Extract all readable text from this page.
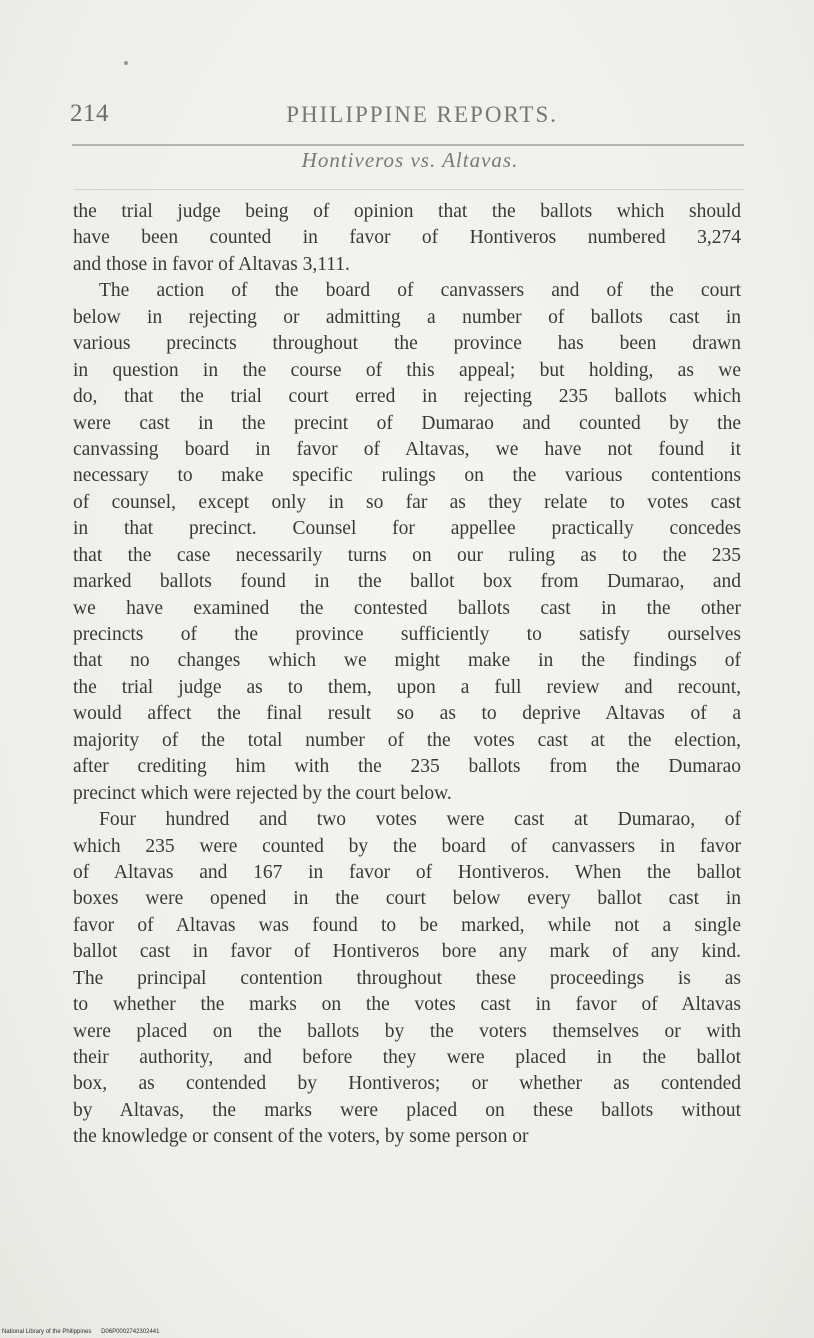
214	PHILIPPINE REPORTS.
Hontiveros vs. Altavas.
the trial judge being of opinion that the ballots which should
have been counted in favor of Hontiveros numbered 3,274
and those in favor of Altavas 3,111.
The action of the board of canvassers and of the court
below in rejecting or admitting a number of ballots cast in
various precincts throughout the province has been drawn
in question in the course of this appeal; but holding, as we
do, that the trial court erred in rejecting 235 ballots which
were cast in the precint of Dumarao and counted by the
canvassing board in favor of Altavas, we have not found it
necessary to make specific rulings on the various contentions
of counsel, except only in so far as they relate to votes cast
in that precinct. Counsel for appellee practically concedes
that the case necessarily turns on our ruling as to the 235
marked ballots found in the ballot box from Dumarao, and
we have examined the contested ballots cast in the other
precincts of the province sufficiently to satisfy ourselves
that no changes which we might make in the findings of
the trial judge as to them, upon a full review and recount,
would affect the final result so as to deprive Altavas of a
majority of the total number of the votes cast at the election,
after crediting him with the 235 ballots from the Dumarao
precinct which were rejected by the court below.
Four hundred and two votes were cast at Dumarao, of
which 235 were counted by the board of canvassers in favor
of Altavas and 167 in favor of Hontiveros. When the ballot
boxes were opened in the court below every ballot cast in
favor of Altavas was found to be marked, while not a single
ballot cast in favor of Hontiveros bore any mark of any kind.
The principal contention throughout these proceedings is as
to whether the marks on the votes cast in favor of Altavas
were placed on the ballots by the voters themselves or with
their authority, and before they were placed in the ballot
box, as contended by Hontiveros; or whether as contended
by Altavas, the marks were placed on these ballots without
the knowledge or consent of the voters, by some person or
National Library of the Philippines D06P0002742302441
